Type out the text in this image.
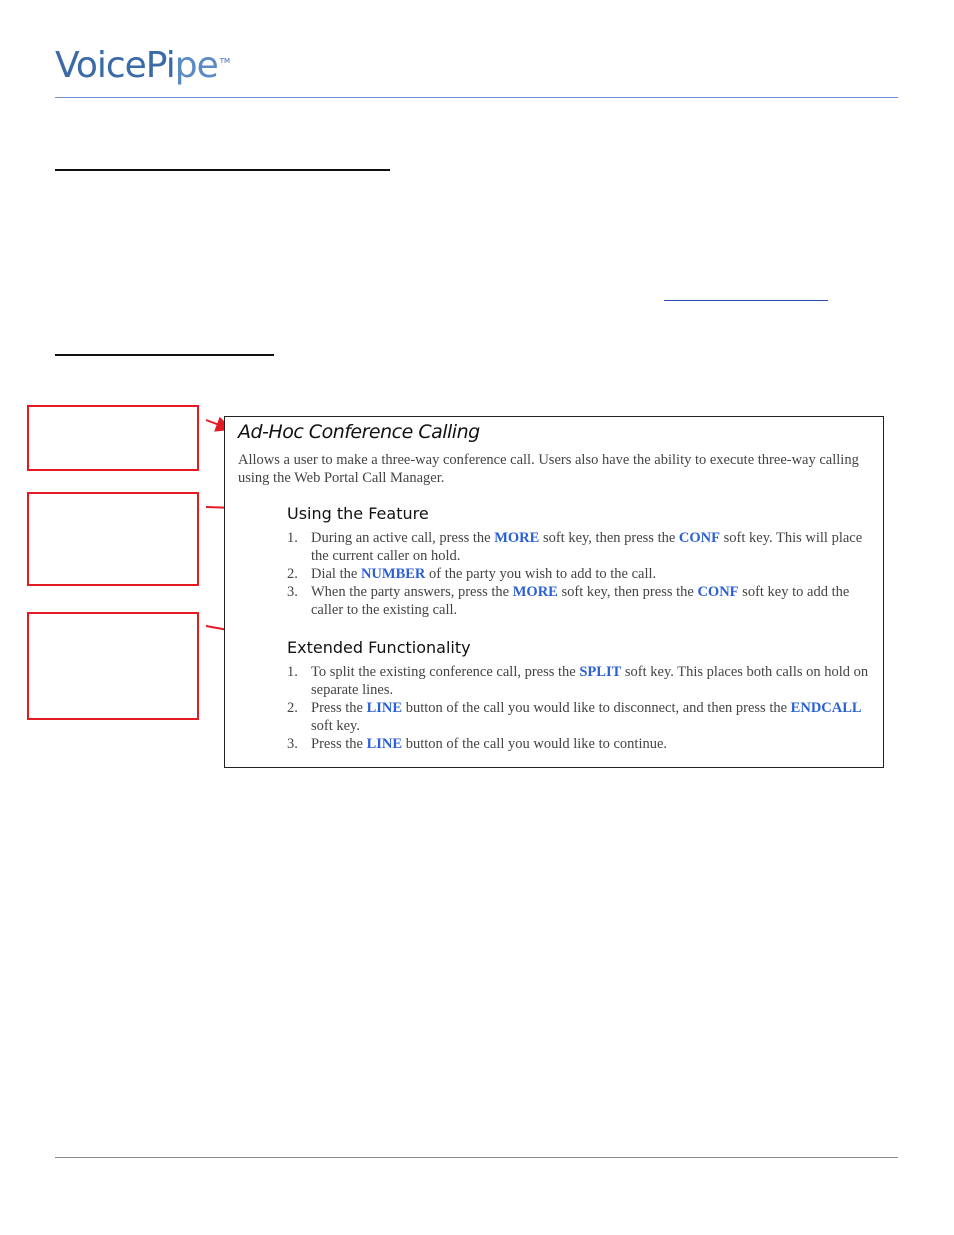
VoicePipe ™
Ad-Hoc Conference Calling
Allows a user to make a three-way conference call. Users also have the ability to execute three-way calling using the Web Portal Call Manager.
Using the Feature
1. During an active call, press the MORE soft key, then press the CONF soft key. This will place the current caller on hold.
2. Dial the NUMBER of the party you wish to add to the call.
3. When the party answers, press the MORE soft key, then press the CONF soft key to add the caller to the existing call.
Extended Functionality
1. To split the existing conference call, press the SPLIT soft key. This places both calls on hold on separate lines.
2. Press the LINE button of the call you would like to disconnect, and then press the ENDCALL soft key.
3. Press the LINE button of the call you would like to continue.
